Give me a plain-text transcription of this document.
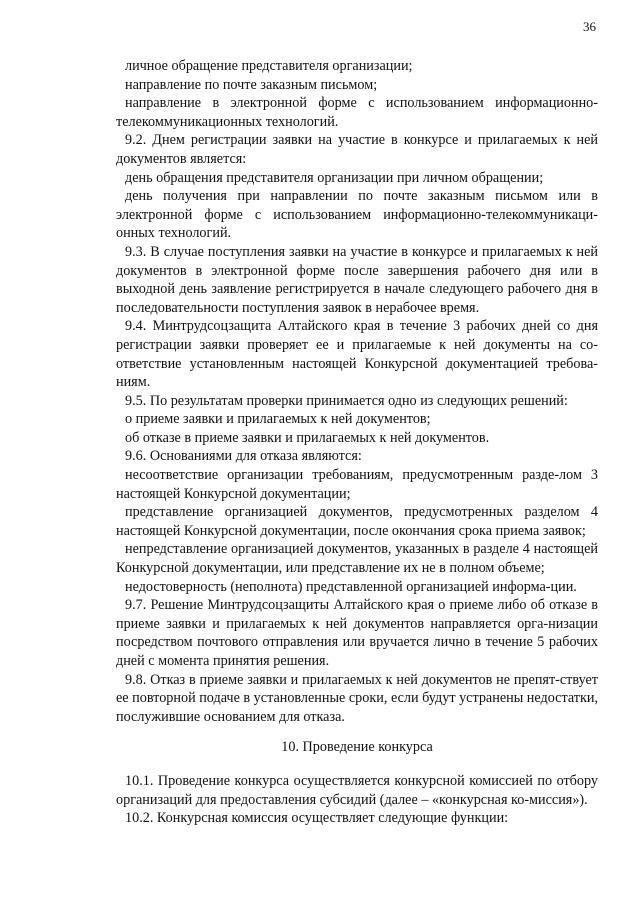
36

личное обращение представителя организации;

направление по почте заказным письмом;

направление в электронной форме с использованием информационно-телекоммуникационных технологий.

9.2. Днем регистрации заявки на участие в конкурсе и прилагаемых к ней документов является:

день обращения представителя организации при личном обращении;

день получения при направлении по почте заказным письмом или в электронной форме с использованием информационно-телекоммуникаци-онных технологий.

9.3. В случае поступления заявки на участие в конкурсе и прилагаемых к ней документов в электронной форме после завершения рабочего дня или в выходной день заявление регистрируется в начале следующего рабочего дня в последовательности поступления заявок в нерабочее время.

9.4. Минтрудсоцзащита Алтайского края в течение 3 рабочих дней со дня регистрации заявки проверяет ее и прилагаемые к ней документы на со-ответствие установленным настоящей Конкурсной документацией требова-ниям.

9.5. По результатам проверки принимается одно из следующих решений:

о приеме заявки и прилагаемых к ней документов;

об отказе в приеме заявки и прилагаемых к ней документов.

9.6. Основаниями для отказа являются:

несоответствие организации требованиям, предусмотренным разде-лом 3 настоящей Конкурсной документации;

представление организацией документов, предусмотренных разделом 4 настоящей Конкурсной документации, после окончания срока приема заявок;

непредставление организацией документов, указанных в разделе 4 настоящей Конкурсной документации, или представление их не в полном объеме;

недостоверность (неполнота) представленной организацией информа-ции.

9.7. Решение Минтрудсоцзащиты Алтайского края о приеме либо об отказе в приеме заявки и прилагаемых к ней документов направляется орга-низации посредством почтового отправления или вручается лично в течение 5 рабочих дней с момента принятия решения.

9.8. Отказ в приеме заявки и прилагаемых к ней документов не препят-ствует ее повторной подаче в установленные сроки, если будут устранены недостатки, послужившие основанием для отказа.

10. Проведение конкурса

10.1. Проведение конкурса осуществляется конкурсной комиссией по отбору организаций для предоставления субсидий (далее – «конкурсная ко-миссия»).

10.2. Конкурсная комиссия осуществляет следующие функции:
